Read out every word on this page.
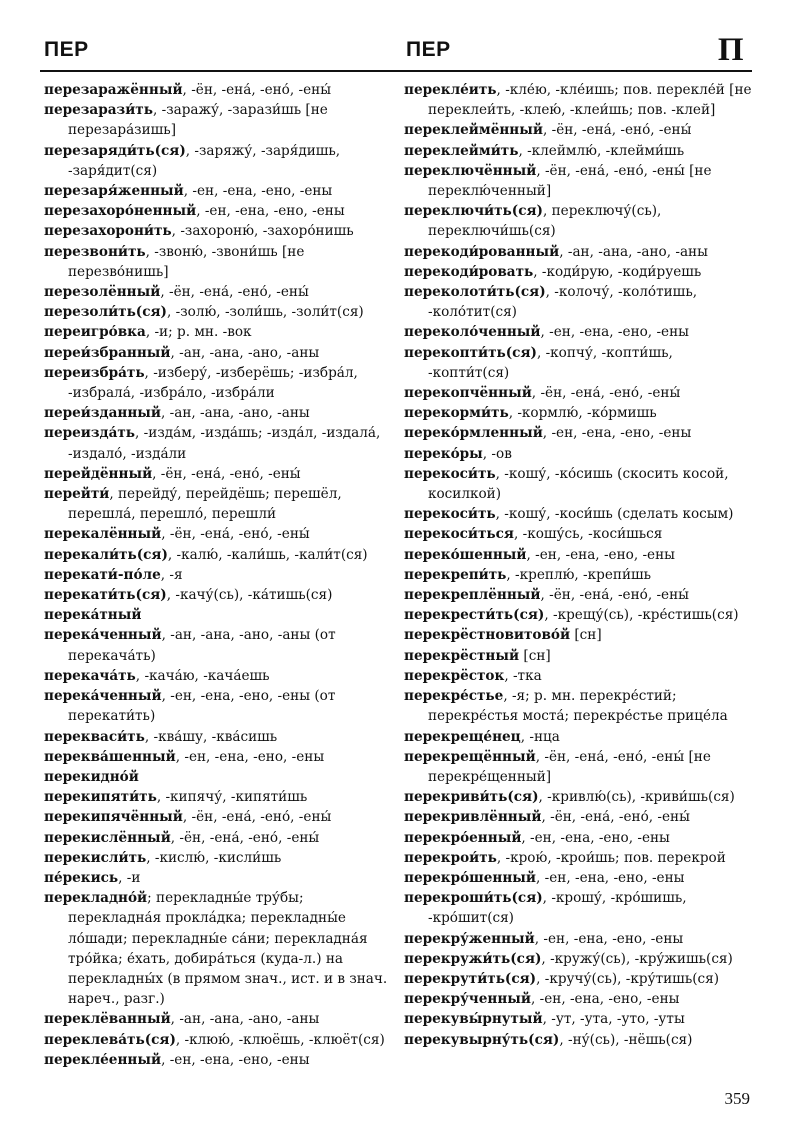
ПЕР	ПЕР	П

перезаражённый, -ён, -ена́, -ено́, -ены́

перезарази́ть, -заражу́, -зарази́шь [не перезара́зишь]

перезаряди́ть(ся), -заряжу́, -заря́дишь, -заря́дит(ся)

перезаря́женный, -ен, -ена, -ено, -ены

перезахоро́ненный, -ен, -ена, -ено, -ены

перезахорони́ть, -захороню́, -захоро́нишь

перезвони́ть, -звоню́, -звони́шь [не перезво́нишь]

перезолённый, -ён, -ена́, -ено́, -ены́

перезоли́ть(ся), -золю́, -золи́шь, -золи́т(ся)

переигро́вка, -и; р. мн. -вок

переи́збранный, -ан, -ана, -ано, -аны

переизбра́ть, -изберу́, -изберёшь; -избра́л, -избрала́, -избра́ло, -избра́ли

переи́зданный, -ан, -ана, -ано, -аны

переизда́ть, -изда́м, -изда́шь; -изда́л, -издала́, -издало́, -изда́ли

перейдённый, -ён, -ена́, -ено́, -ены́

перейти́, перейду́, перейдёшь; перешёл, перешла́, перешло́, перешли́

перекалённый, -ён, -ена́, -ено́, -ены́

перекали́ть(ся), -калю́, -кали́шь, -кали́т(ся)

перекати́-по́ле, -я

перекати́ть(ся), -качу́(сь), -ка́тишь(ся)

перека́тный

перека́ченный, -ан, -ана, -ано, -аны (от перекача́ть)

перекача́ть, -кача́ю, -кача́ешь

перека́ченный, -ен, -ена, -ено, -ены (от перекати́ть)

перекваси́ть, -ква́шу, -ква́сишь

переква́шенный, -ен, -ена, -ено, -ены

перекидно́й

перекипяти́ть, -кипячу́, -кипяти́шь

перекипячённый, -ён, -ена́, -ено́, -ены́

перекислённый, -ён, -ена́, -ено́, -ены́

перекисли́ть, -кислю́, -кисли́шь

пе́рекись, -и

перекладно́й; перекладны́е тру́бы; перекладна́я проклáдка; перекладны́е ло́шади; перекладны́е са́ни; перекладна́я тро́йка; е́хать, добира́ться (куда-л.) на перекладны́х (в прямом знач., ист. и в знач. нареч., разг.)

переклёванный, -ан, -ана, -ано, -аны

переклева́ть(ся), -клюю́, -клюёшь, -клюёт(ся)

перекле́енный, -ен, -ена, -ено, -ены

перекле́ить, -кле́ю, -кле́ишь; пов. перекле́й [не переклеи́ть, -клею́, -клеи́шь; пов. -клей]

переклеймённый, -ён, -ена́, -ено́, -ены́

переклейми́ть, -клеймлю́, -клейми́шь

переключённый, -ён, -ена́, -ено́, -ены́ [не переклю́ченный]

переключи́ть(ся), переключу́(сь), переключи́шь(ся)

перекоди́рованный, -ан, -ана, -ано, -аны

перекоди́ровать, -коди́рую, -коди́руешь

переколоти́ть(ся), -колочу́, -коло́тишь, -коло́тит(ся)

переколо́ченный, -ен, -ена, -ено, -ены

перекопти́ть(ся), -копчу́, -копти́шь, -копти́т(ся)

перекопчённый, -ён, -ена́, -ено́, -ены́

перекорми́ть, -кормлю́, -ко́рмишь

переко́рмленный, -ен, -ена, -ено, -ены

переко́ры, -ов

перекоси́ть, -кошу́, -ко́сишь (скосить косой, косилкой)

перекоси́ть, -кошу́, -коси́шь (сделать косым)

перекоси́ться, -кошу́сь, -коси́шься

переко́шенный, -ен, -ена, -ено, -ены

перекрепи́ть, -креплю́, -крепи́шь

перекреплённый, -ён, -ена́, -ено́, -ены́

перекрести́ть(ся), -крещу́(сь), -кре́стишь(ся)

перекрёстновитово́й [сн]

перекрёстный [сн]

перекрёсток, -тка

перекре́стье, -я; р. мн. перекре́стий; перекре́стья моста́; перекре́стье прице́ла

перекреще́нец, -нца

перекрещённый, -ён, -ена́, -ено́, -ены́ [не перекре́щенный]

перекриви́ть(ся), -кривлю́(сь), -криви́шь(ся)

перекривлённый, -ён, -ена́, -ено́, -ены́

перекро́енный, -ен, -ена, -ено, -ены

перекрои́ть, -крою́, -крои́шь; пов. перекрой

перекро́шенный, -ен, -ена, -ено, -ены

перекроши́ть(ся), -крошу́, -кро́шишь, -кро́шит(ся)

перекру́женный, -ен, -ена, -ено, -ены

перекружи́ть(ся), -кружу́(сь), -кру́жишь(ся)

перекрути́ть(ся), -кручу́(сь), -кру́тишь(ся)

перекру́ченный, -ен, -ена, -ено, -ены

перекувы́рнутый, -ут, -ута, -уто, -уты

перекувырну́ть(ся), -ну́(сь), -нёшь(ся)

359
